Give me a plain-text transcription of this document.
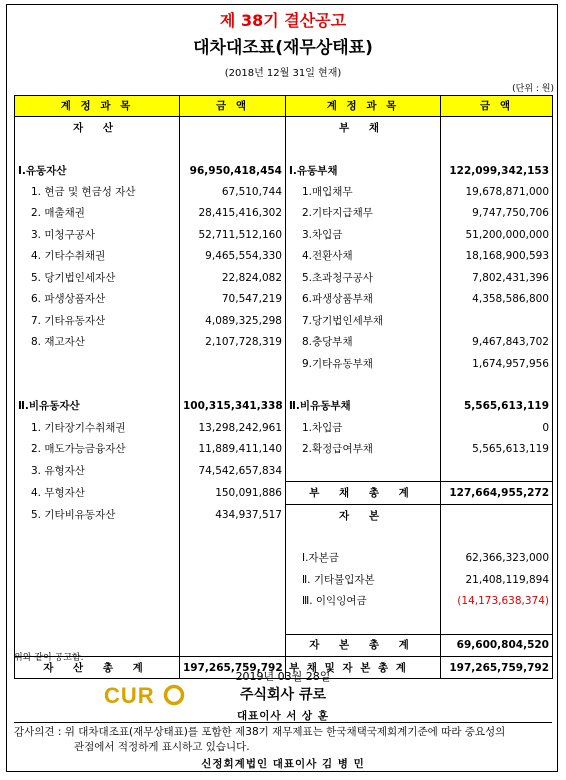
제 38기 결산공고
대차대조표(재무상태표)
(2018년 12월 31일 현재)
(단위 : 원)
계 정 과 목	금 액	계 정 과 목	금 액
자 산		부 채	

Ⅰ.유동자산	96,950,418,454	Ⅰ.유동부채	122,099,342,153
1. 현금 및 현금성 자산	67,510,744	1.매입채무	19,678,871,000
2. 매출채권	28,415,416,302	2.기타지급채무	9,747,750,706
3. 미청구공사	52,711,512,160	3.차입금	51,200,000,000
4. 기타수취채권	9,465,554,330	4.전환사채	18,168,900,593
5. 당기법인세자산	22,824,082	5.초과청구공사	7,802,431,396
6. 파생상품자산	70,547,219	6.파생상품부채	4,358,586,800
7. 기타유동자산	4,089,325,298	7.당기법인세부채	
8. 재고자산	2,107,728,319	8.충당부채	9,467,843,702
		9.기타유동부채	1,674,957,956

Ⅱ.비유동자산	100,315,341,338	Ⅱ.비유동부채	5,565,613,119
1. 기타장기수취채권	13,298,242,961	1.차입금	0
2. 매도가능금융자산	11,889,411,140	2.확정급여부채	5,565,613,119
3. 유형자산	74,542,657,834		
4. 무형자산	150,091,886	부 채 총 계	127,664,955,272
5. 기타비유동자산	434,937,517	자 본	

		Ⅰ.자본금	62,366,323,000
		Ⅱ. 기타불입자본	21,408,119,894
		Ⅲ. 이익잉여금	(14,173,638,374)

		자 본 총 계	69,600,804,520
자 산 총 계	197,265,759,792	부 채 및 자 본 총 계	197,265,759,792
위와 같이 공고함.
2019년 03월 28일
CUR	주식회사 큐로
대표이사 서 상 훈
감사의견 : 위 대차대조표(재무상태표)를 포함한 제38기 재무제표는 한국채택국제회계기준에 따라 중요성의
관점에서 적정하게 표시하고 있습니다.
신정회계법인 대표이사 김 병 민
